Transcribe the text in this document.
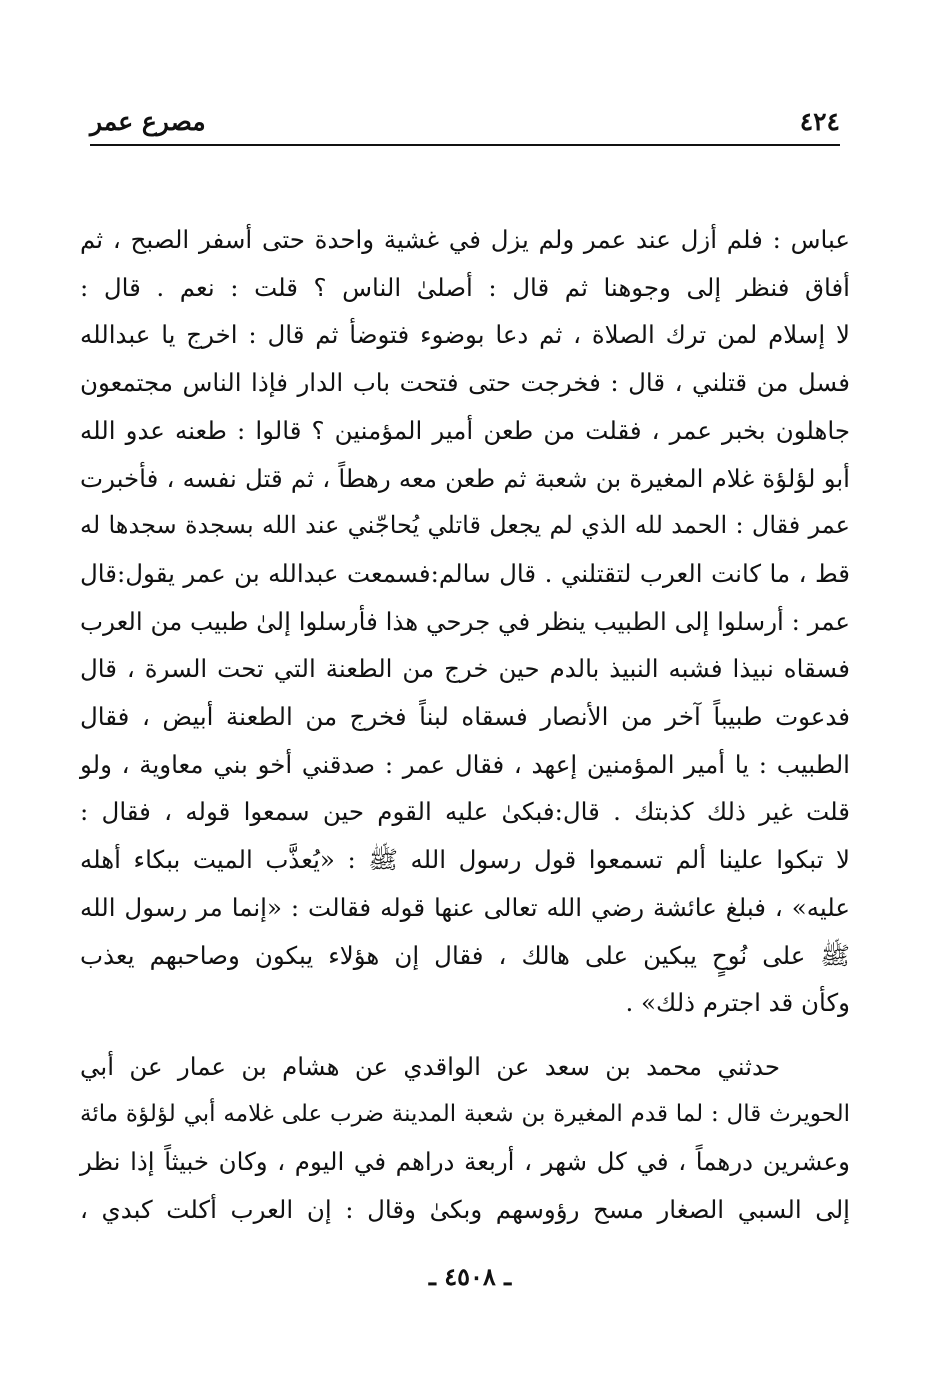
٤٢٤
مصرع عمر

عباس : فلم أزل عند عمر ولم يزل في غشية واحدة حتى أسفر الصبح ، ثم
أفاق فنظر إلى وجوهنا ثم قال : أصلىٰ الناس ؟ قلت : نعم . قال :
لا إسلام لمن ترك الصلاة ، ثم دعا بوضوء فتوضأ ثم قال : اخرج يا عبدالله
فسل من قتلني ، قال : فخرجت حتى فتحت باب الدار فإذا الناس مجتمعون
جاهلون بخبر عمر ، فقلت من طعن أمير المؤمنين ؟ قالوا : طعنه عدو الله
أبو لؤلؤة غلام المغيرة بن شعبة ثم طعن معه رهطاً ، ثم قتل نفسه ، فأخبرت
عمر فقال : الحمد لله الذي لم يجعل قاتلي يُحاجّني عند الله بسجدة سجدها له
قط ، ما كانت العرب لتقتلني . قال سالم:فسمعت عبدالله بن عمر يقول:قال
عمر : أرسلوا إلى الطبيب ينظر في جرحي هذا فأرسلوا إلىٰ طبيب من العرب
فسقاه نبيذا فشبه النبيذ بالدم حين خرج من الطعنة التي تحت السرة ، قال
فدعوت طبيباً آخر من الأنصار فسقاه لبناً فخرج من الطعنة أبيض ، فقال
الطبيب : يا أمير المؤمنين إعهد ، فقال عمر : صدقني أخو بني معاوية ، ولو
قلت غير ذلك كذبتك . قال:فبكىٰ عليه القوم حين سمعوا قوله ، فقال :
لا تبكوا علينا ألم تسمعوا قول رسول الله ﷺ : «يُعذَّب الميت ببكاء أهله
عليه» ، فبلغ عائشة رضي الله تعالى عنها قوله فقالت : «إنما مر رسول الله
ﷺ على نُوحٍ يبكين على هالك ، فقال إن هؤلاء يبكون وصاحبهم يعذب
وكأن قد اجترم ذلك» .

حدثني محمد بن سعد عن الواقدي عن هشام بن عمار عن أبي
الحويرث قال : لما قدم المغيرة بن شعبة المدينة ضرب على غلامه أبي لؤلؤة مائة
وعشرين درهماً ، في كل شهر ، أربعة دراهم في اليوم ، وكان خبيثاً إذا نظر
إلى السبي الصغار مسح رؤوسهم وبكىٰ وقال : إن العرب أكلت كبدي ،

ـ ٤٥٠٨ ـ
